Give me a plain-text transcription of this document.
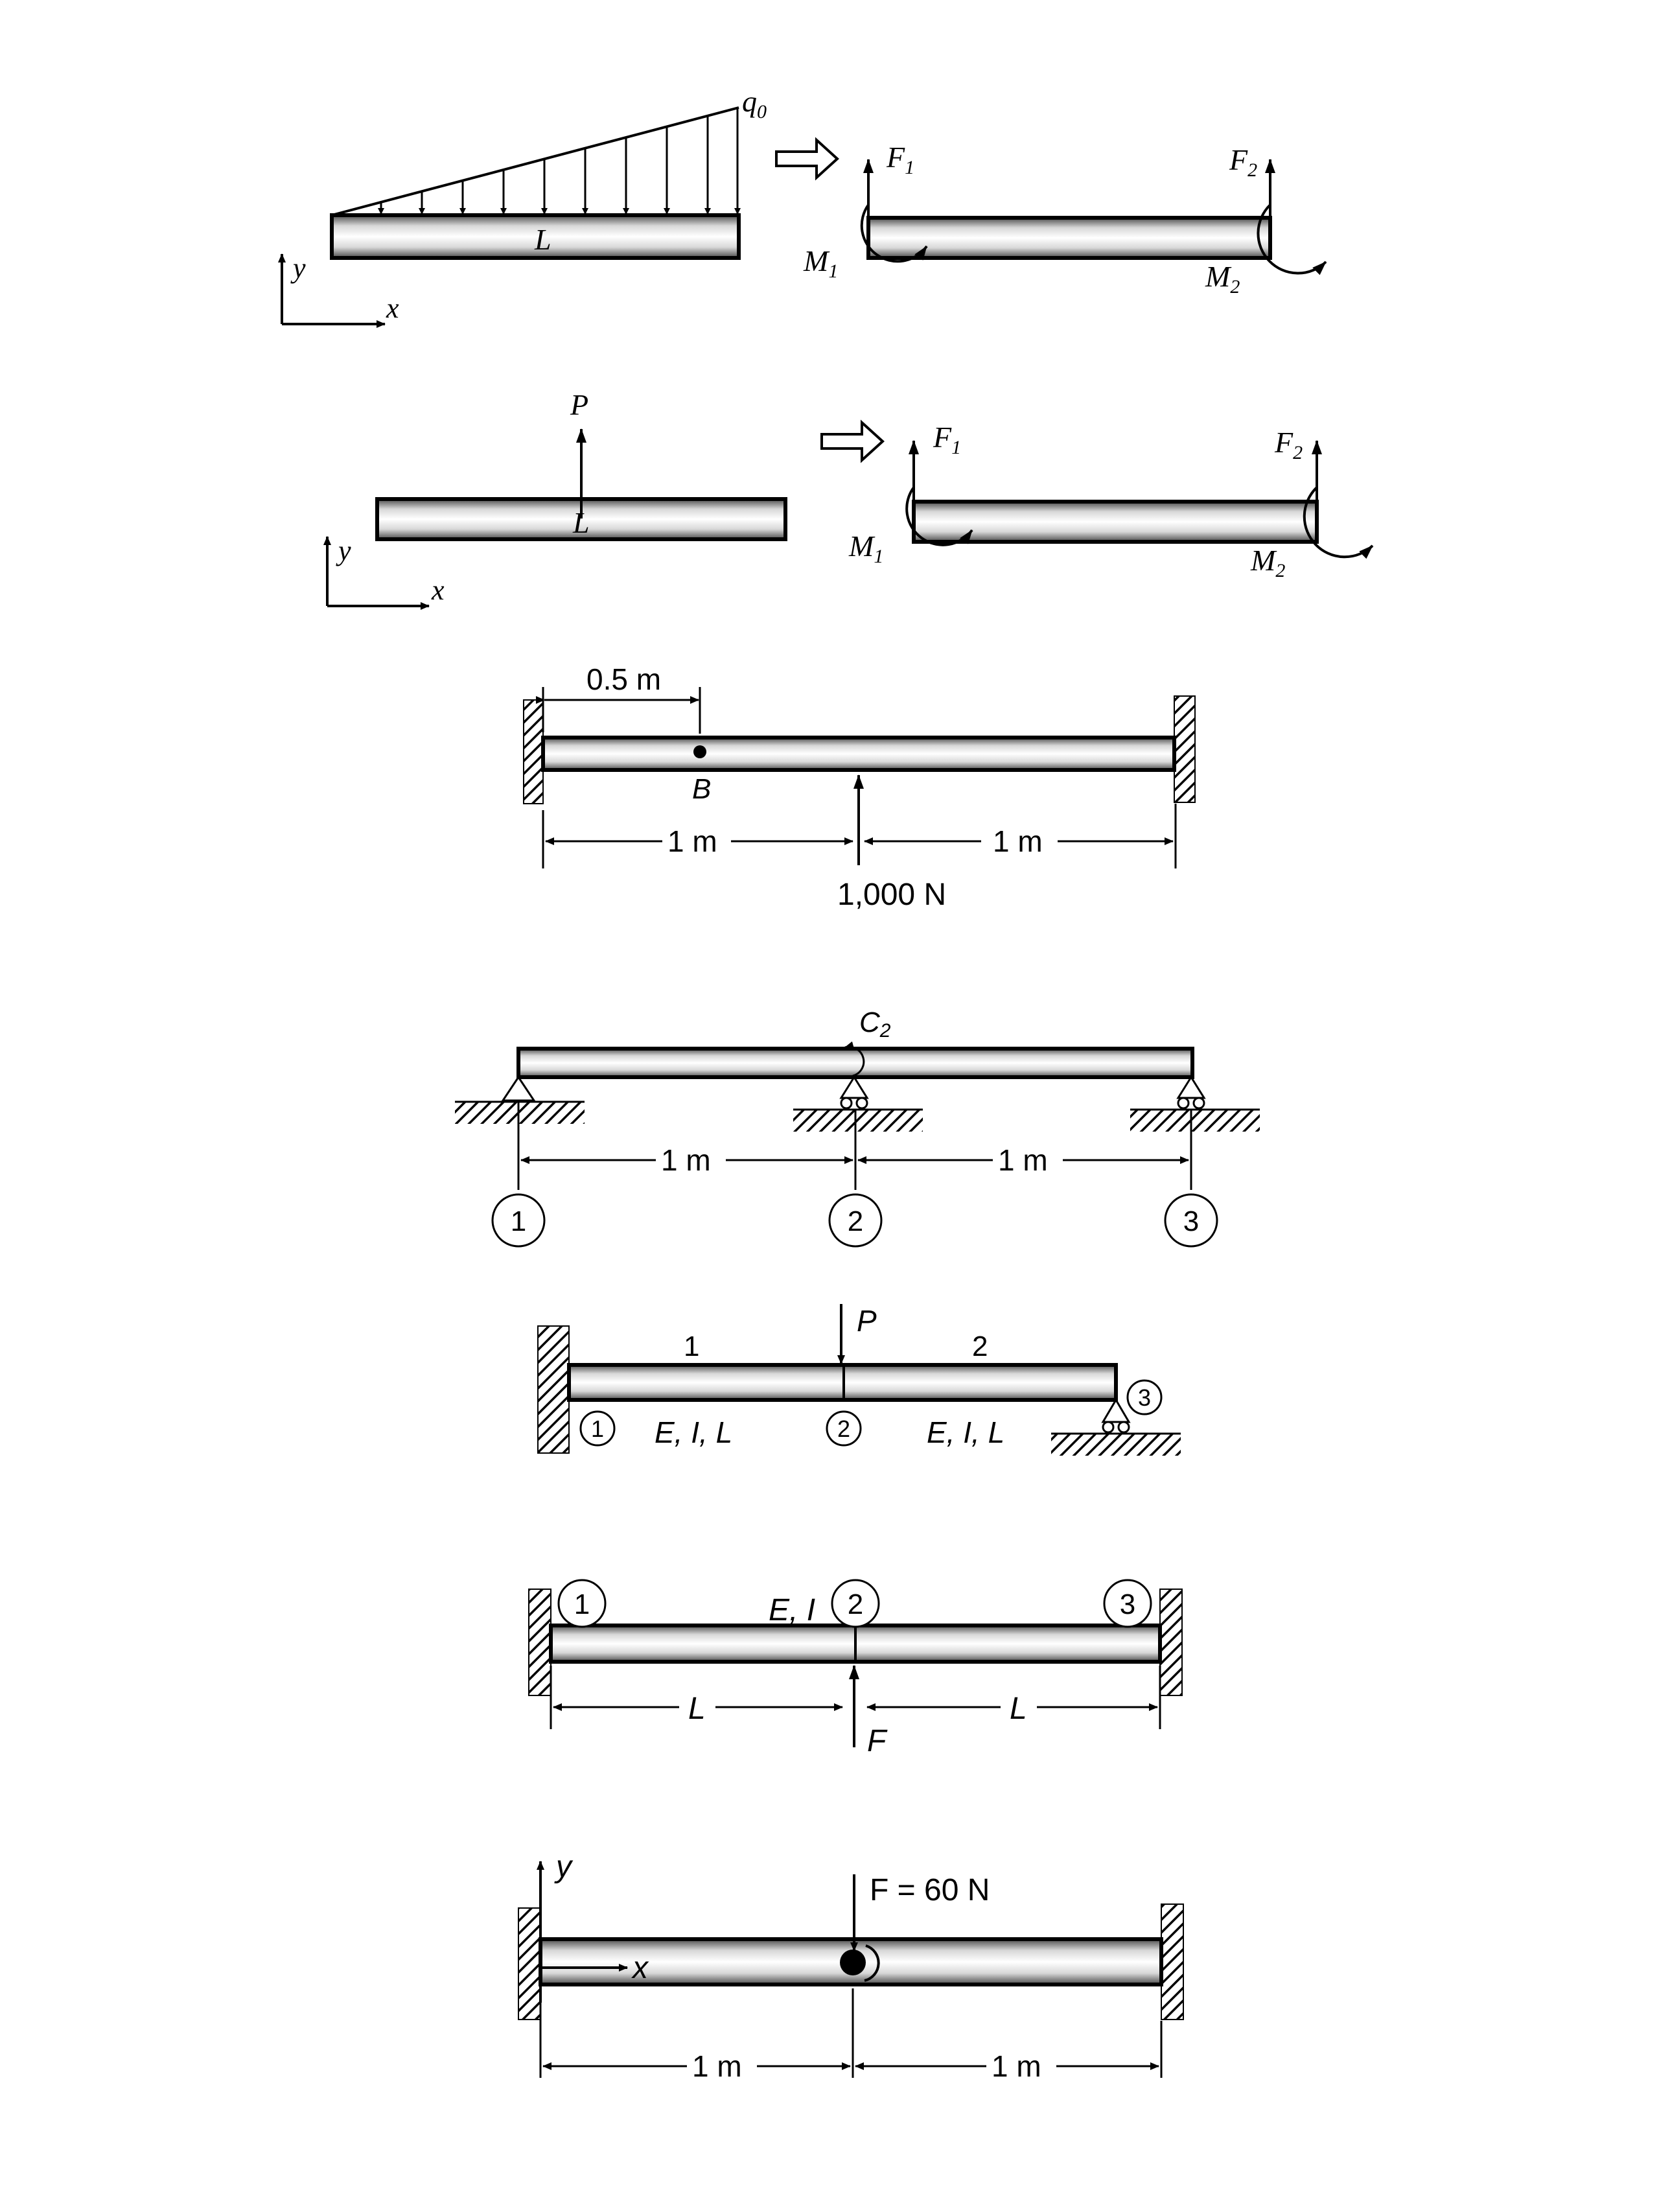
$q_0$
L
y
x
$F_1$	$F_2$
$M_1$	$M_2$
P
L
y
x
$F_1$	$F_2$
$M_1$	$M_2$
B
0.5 m
1 m	1 m
1,000 N
C2
1 m	1 m
1	2	3
P
1	2
E, I, L	E, I, L
1	2
3
1	2	3
E, I
L	L
F
y
x
F = 60 N
1 m	1 m
